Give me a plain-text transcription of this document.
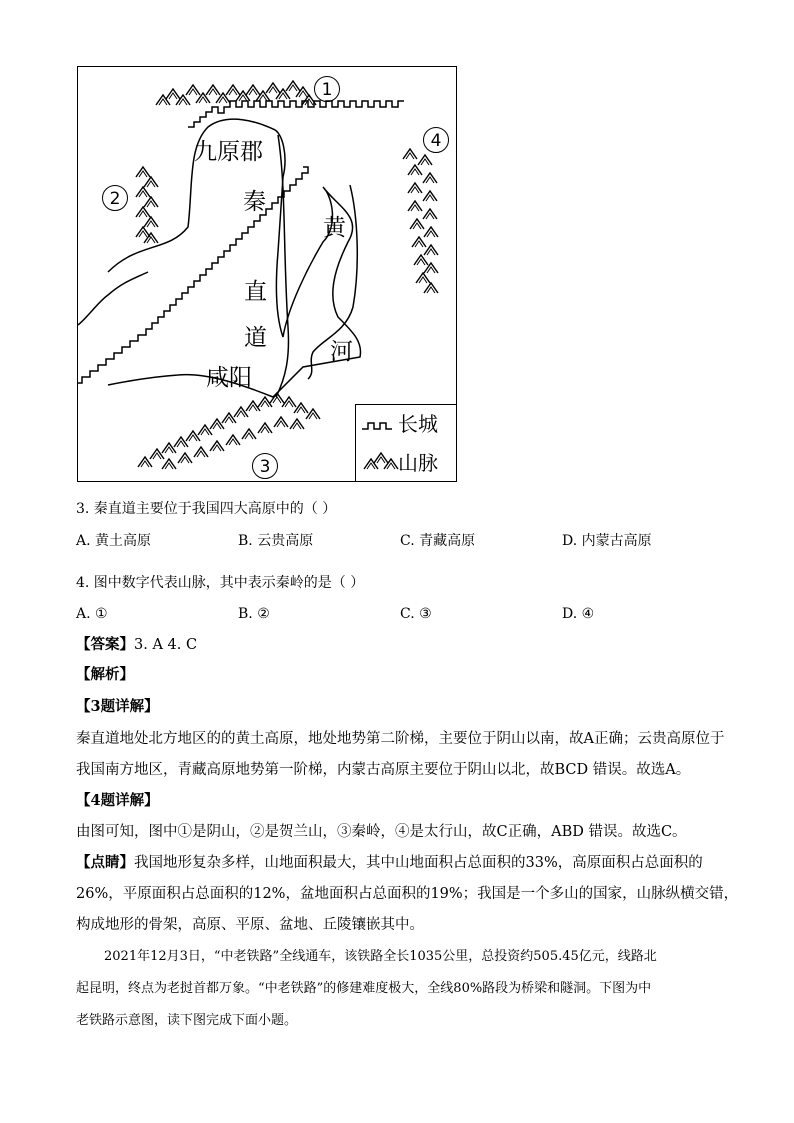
九原郡
秦
黄
直
道
河
咸阳
1
2
4
3
长城
山脉
3. 秦直道主要位于我国四大高原中的（ ）
A. 黄土高原	B. 云贵高原	C. 青藏高原	D. 内蒙古高原
4. 图中数字代表山脉，其中表示秦岭的是（ ）
A. ①	B. ②	C. ③	D. ④
【答案】3. A 4. C
【解析】
【3题详解】
秦直道地处北方地区的的黄土高原，地处地势第二阶梯，主要位于阴山以南，故A正确；云贵高原位于
我国南方地区，青藏高原地势第一阶梯，内蒙古高原主要位于阴山以北，故BCD 错误。故选A。
【4题详解】
由图可知，图中①是阴山，②是贺兰山，③秦岭，④是太行山，故C正确，ABD 错误。故选C。
【点睛】我国地形复杂多样，山地面积最大，其中山地面积占总面积的33%，高原面积占总面积的
26%，平原面积占总面积的12%，盆地面积占总面积的19%；我国是一个多山的国家，山脉纵横交错，
构成地形的骨架，高原、平原、盆地、丘陵镶嵌其中。
2021年12月3日，“中老铁路”全线通车，该铁路全长1035公里，总投资约505.45亿元，线路北
起昆明，终点为老挝首都万象。“中老铁路”的修建难度极大，全线80%路段为桥梁和隧洞。下图为中
老铁路示意图，读下图完成下面小题。
